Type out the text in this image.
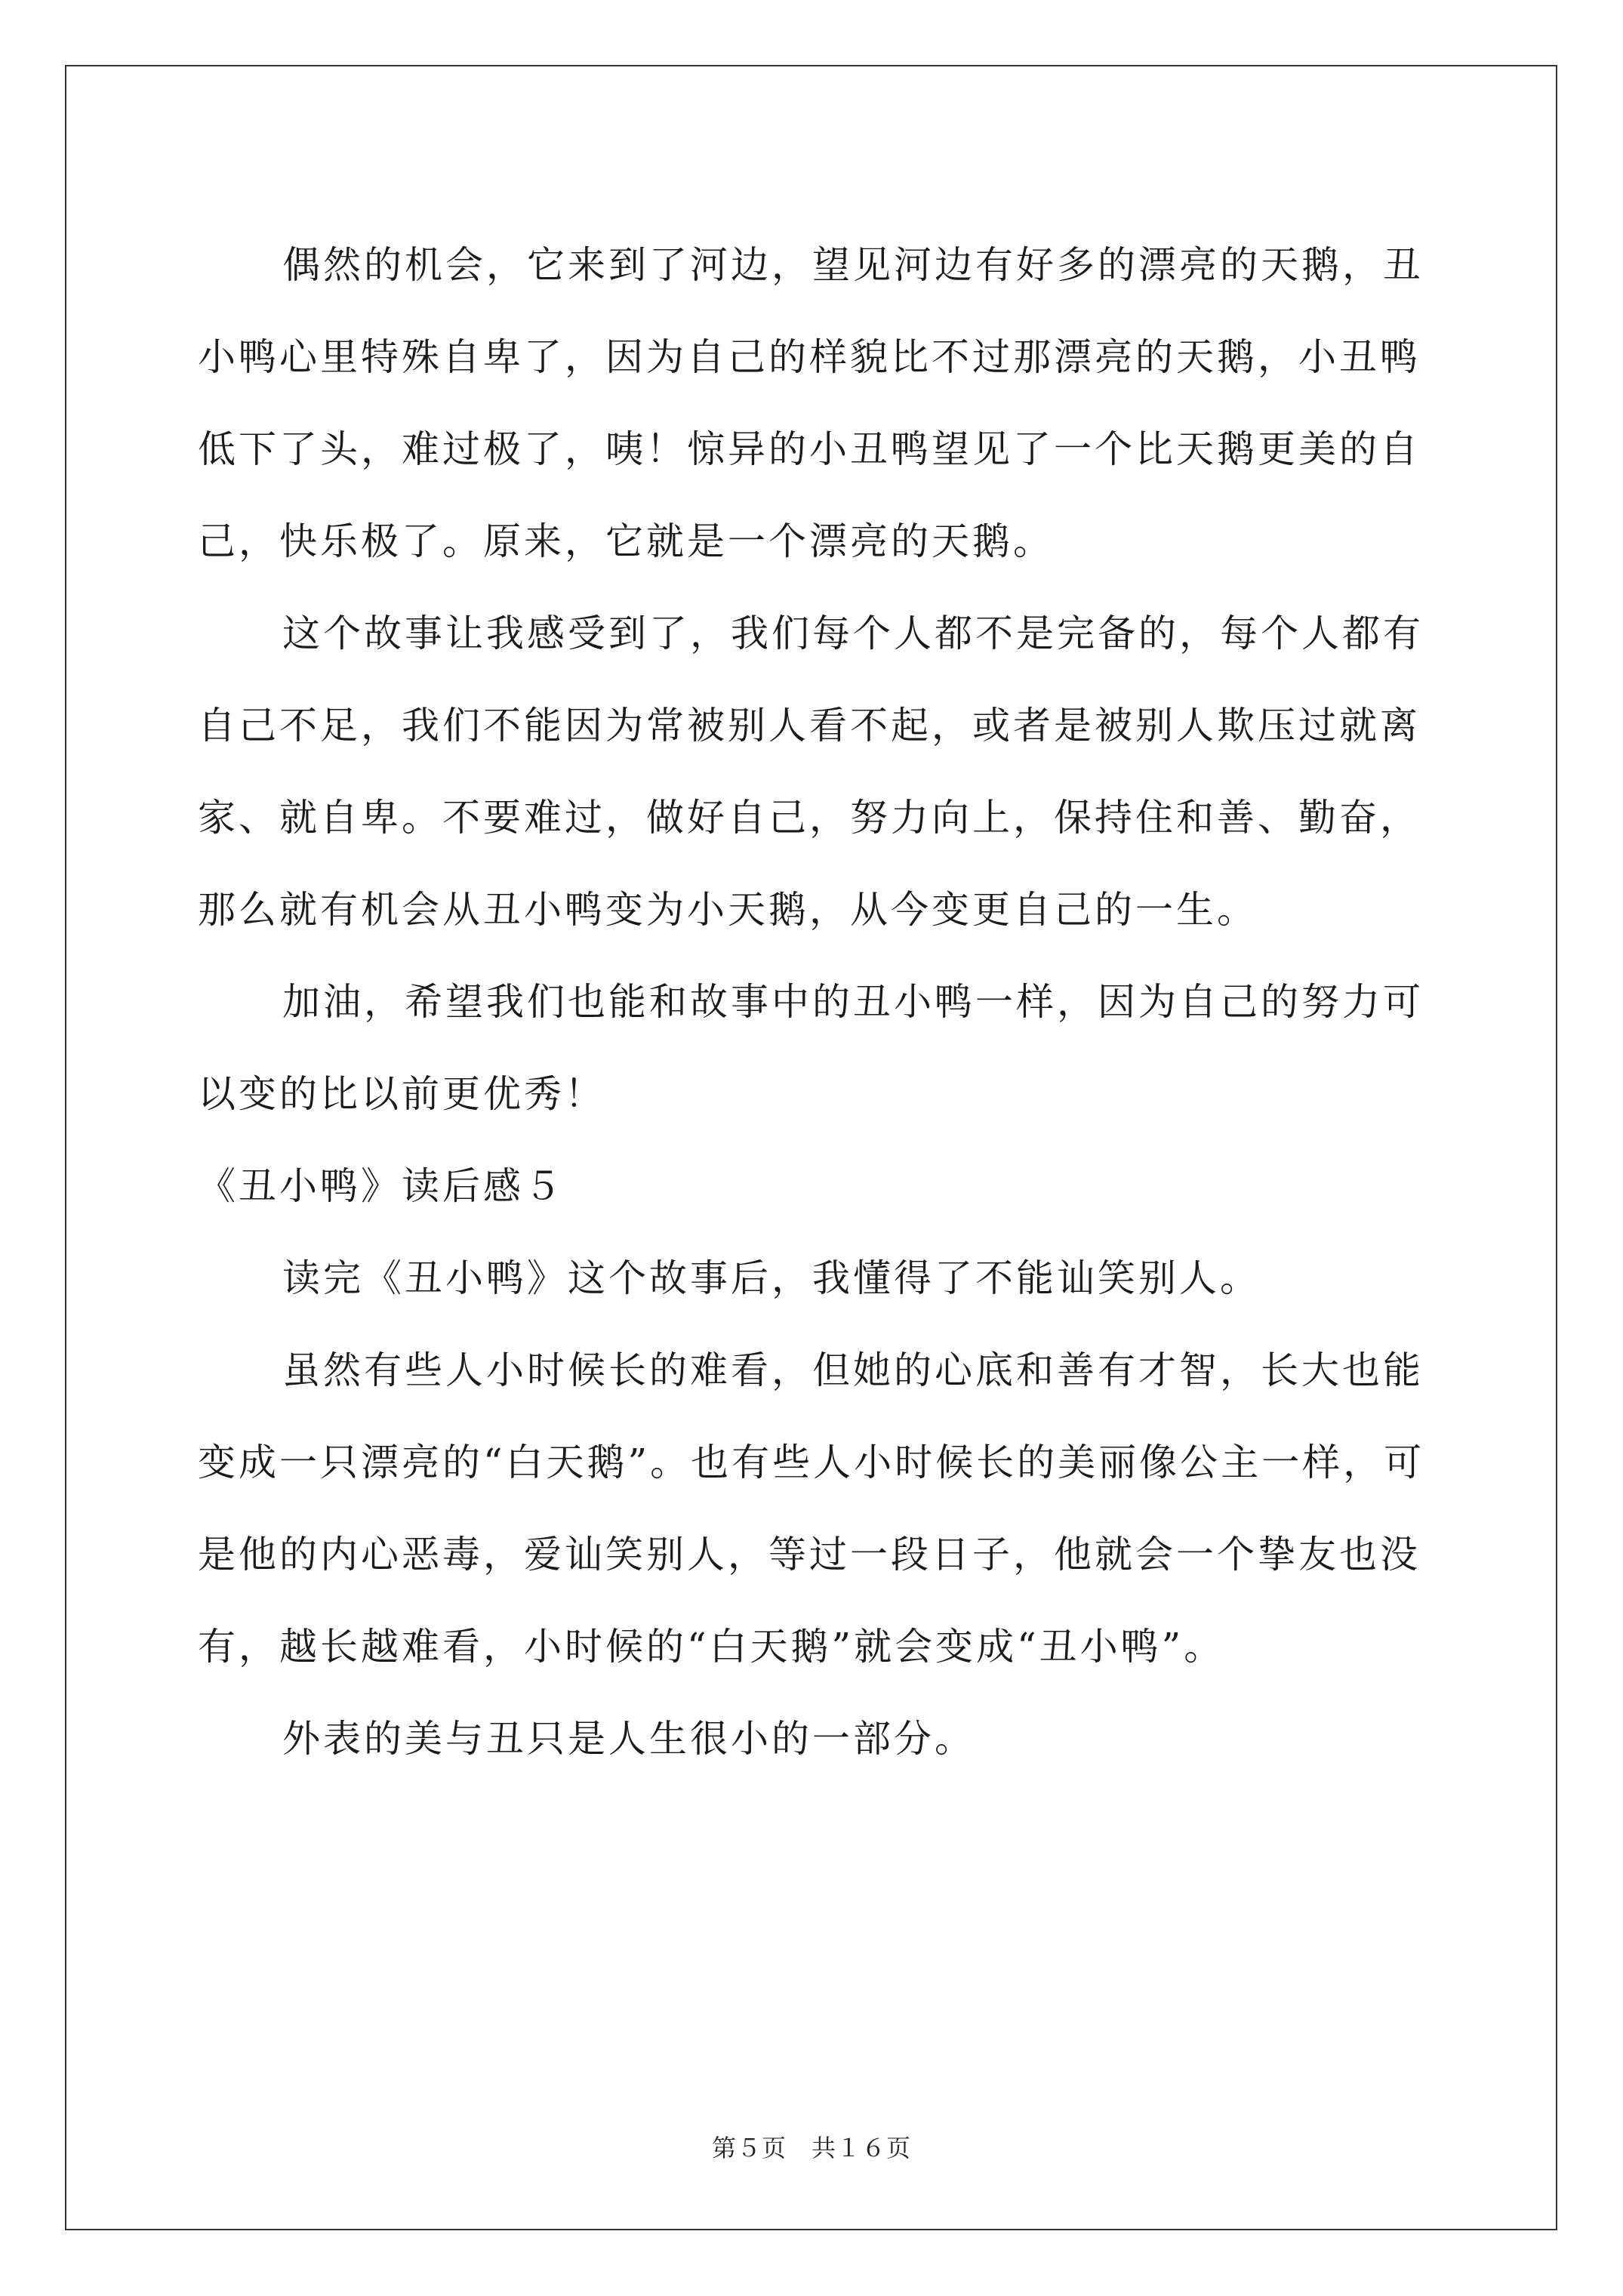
偶然的机会，它来到了河边，望见河边有好多的漂亮的天鹅，丑
小鸭心里特殊自卑了，因为自己的样貌比不过那漂亮的天鹅，小丑鸭
低下了头，难过极了，咦！惊异的小丑鸭望见了一个比天鹅更美的自
己，快乐极了。原来，它就是一个漂亮的天鹅。

这个故事让我感受到了，我们每个人都不是完备的，每个人都有
自己不足，我们不能因为常被别人看不起，或者是被别人欺压过就离
家、就自卑。不要难过，做好自己，努力向上，保持住和善、勤奋，
那么就有机会从丑小鸭变为小天鹅，从今变更自己的一生。

加油，希望我们也能和故事中的丑小鸭一样，因为自己的努力可
以变的比以前更优秀！

《丑小鸭》读后感５

读完《丑小鸭》这个故事后，我懂得了不能讪笑别人。

虽然有些人小时候长的难看，但她的心底和善有才智，长大也能
变成一只漂亮的“白天鹅”。也有些人小时候长的美丽像公主一样，可
是他的内心恶毒，爱讪笑别人，等过一段日子，他就会一个挚友也没
有，越长越难看，小时候的“白天鹅”就会变成“丑小鸭”。

外表的美与丑只是人生很小的一部分。

第５页　共１６页
